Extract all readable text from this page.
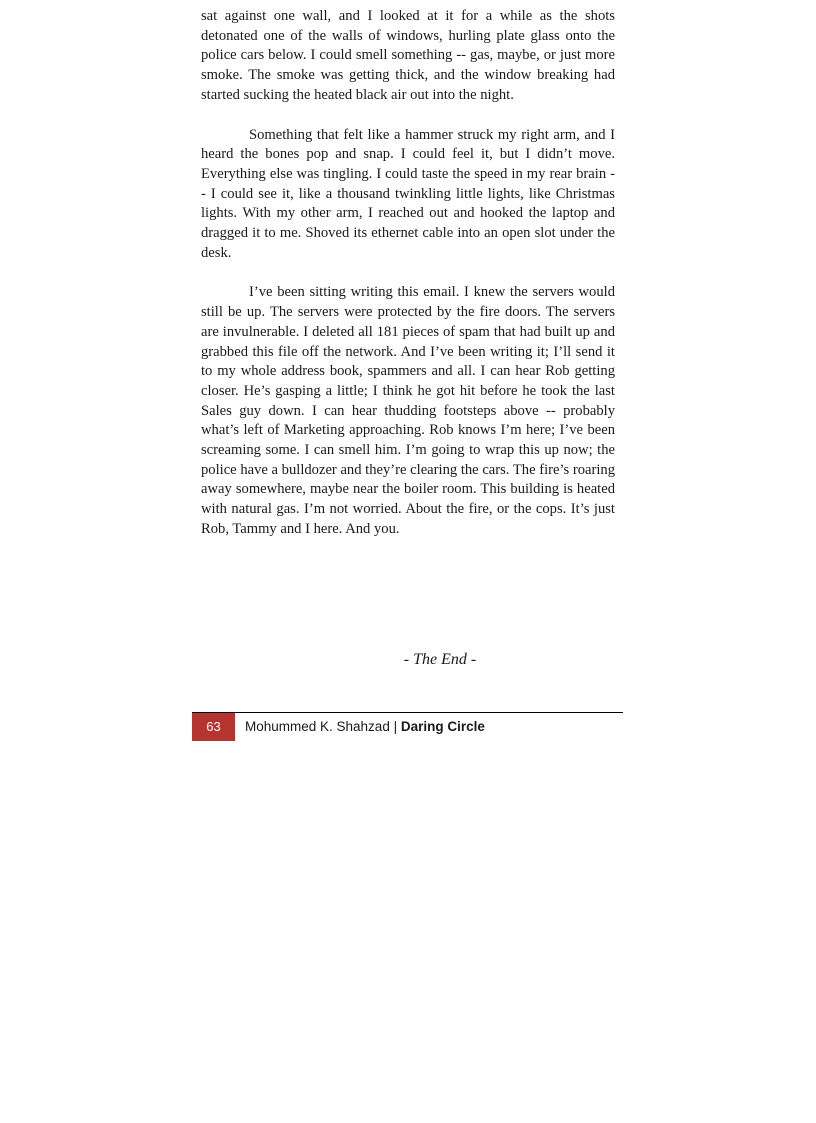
sat against one wall, and I looked at it for a while as the shots detonated one of the walls of windows, hurling plate glass onto the police cars below. I could smell something -- gas, maybe, or just more smoke. The smoke was getting thick, and the window breaking had started sucking the heated black air out into the night.

Something that felt like a hammer struck my right arm, and I heard the bones pop and snap. I could feel it, but I didn’t move. Everything else was tingling. I could taste the speed in my rear brain -- I could see it, like a thousand twinkling little lights, like Christmas lights. With my other arm, I reached out and hooked the laptop and dragged it to me. Shoved its ethernet cable into an open slot under the desk.

I’ve been sitting writing this email. I knew the servers would still be up. The servers were protected by the fire doors. The servers are invulnerable. I deleted all 181 pieces of spam that had built up and grabbed this file off the network. And I’ve been writing it; I’ll send it to my whole address book, spammers and all. I can hear Rob getting closer. He’s gasping a little; I think he got hit before he took the last Sales guy down. I can hear thudding footsteps above -- probably what’s left of Marketing approaching. Rob knows I’m here; I’ve been screaming some. I can smell him. I’m going to wrap this up now; the police have a bulldozer and they’re clearing the cars. The fire’s roaring away somewhere, maybe near the boiler room. This building is heated with natural gas. I’m not worried. About the fire, or the cops. It’s just Rob, Tammy and I here. And you.

- The End -
63	Mohummed K. Shahzad | Daring Circle
